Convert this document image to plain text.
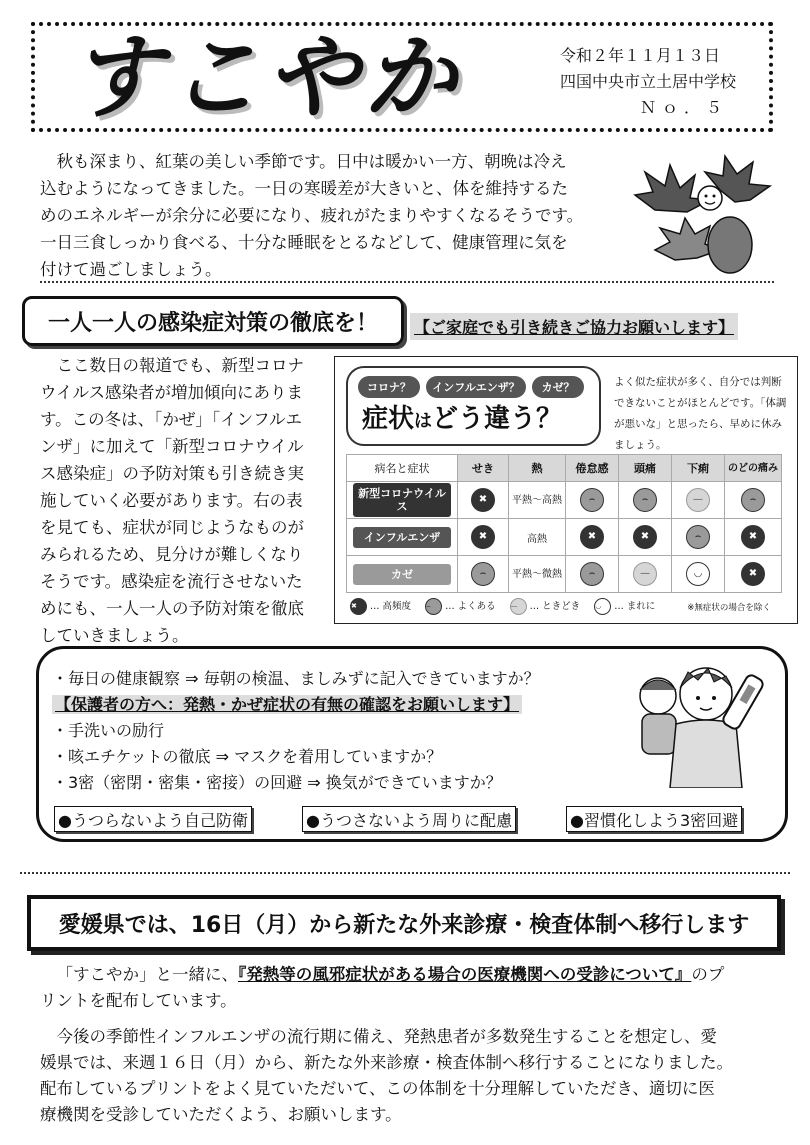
すこやか	令和２年１１月１３日
四国中央市立土居中学校
Ｎｏ．５
秋も深まり、紅葉の美しい季節です。日中は暖かい一方、朝晩は冷え
込むようになってきました。一日の寒暖差が大きいと、体を維持するた
めのエネルギーが余分に必要になり、疲れがたまりやすくなるそうです。
一日三食しっかり食べる、十分な睡眠をとるなどして、健康管理に気を
付けて過ごしましょう。
一人一人の感染症対策の徹底を！	【ご家庭でも引き続きご協力お願いします】
ここ数日の報道でも、新型コロナ
ウイルス感染者が増加傾向にありま
す。この冬は、「かぜ」「インフルエ
ンザ」に加えて「新型コロナウイル
ス感染症」の予防対策も引き続き実
施していく必要があります。右の表
を見ても、症状が同じようなものが
みられるため、見分けが難しくなり
そうです。感染症を流行させないた
めにも、一人一人の予防対策を徹底
していきましょう。
コロナ？	インフルエンザ？	カゼ？
症状はどう違う？
よく似た症状が多く、自分では判断できないことがほとんどです。「体調が悪いな」と思ったら、早めに休みましょう。
病名と症状	せき	熱	倦怠感	頭痛	下痢	のどの痛み
新型コロナウイルス	✖	平熱〜高熱	⌢	⌢	—	⌢
インフルエンザ	✖	高熱	✖	✖	⌢	✖
カゼ	⌢	平熱〜微熱	⌢	—	◡	✖
✖ … 高頻度 ⌢ … よくある — … ときどき ◡ … まれに	※無症状の場合を除く
・毎日の健康観察 ⇒ 毎朝の検温、ましみずに記入できていますか？
【保護者の方へ：発熱・かぜ症状の有無の確認をお願いします】
・手洗いの励行
・咳エチケットの徹底 ⇒ マスクを着用していますか？
・3密（密閉・密集・密接）の回避 ⇒ 換気ができていますか？
●うつらないよう自己防衛	●うつさないよう周りに配慮	●習慣化しよう3密回避
愛媛県では、16日（月）から新たな外来診療・検査体制へ移行します
「すこやか」と一緒に、『発熱等の風邪症状がある場合の医療機関への受診について』のプ
リントを配布しています。
今後の季節性インフルエンザの流行期に備え、発熱患者が多数発生することを想定し、愛
媛県では、来週１６日（月）から、新たな外来診療・検査体制へ移行することになりました。
配布しているプリントをよく見ていただいて、この体制を十分理解していただき、適切に医
療機関を受診していただくよう、お願いします。
